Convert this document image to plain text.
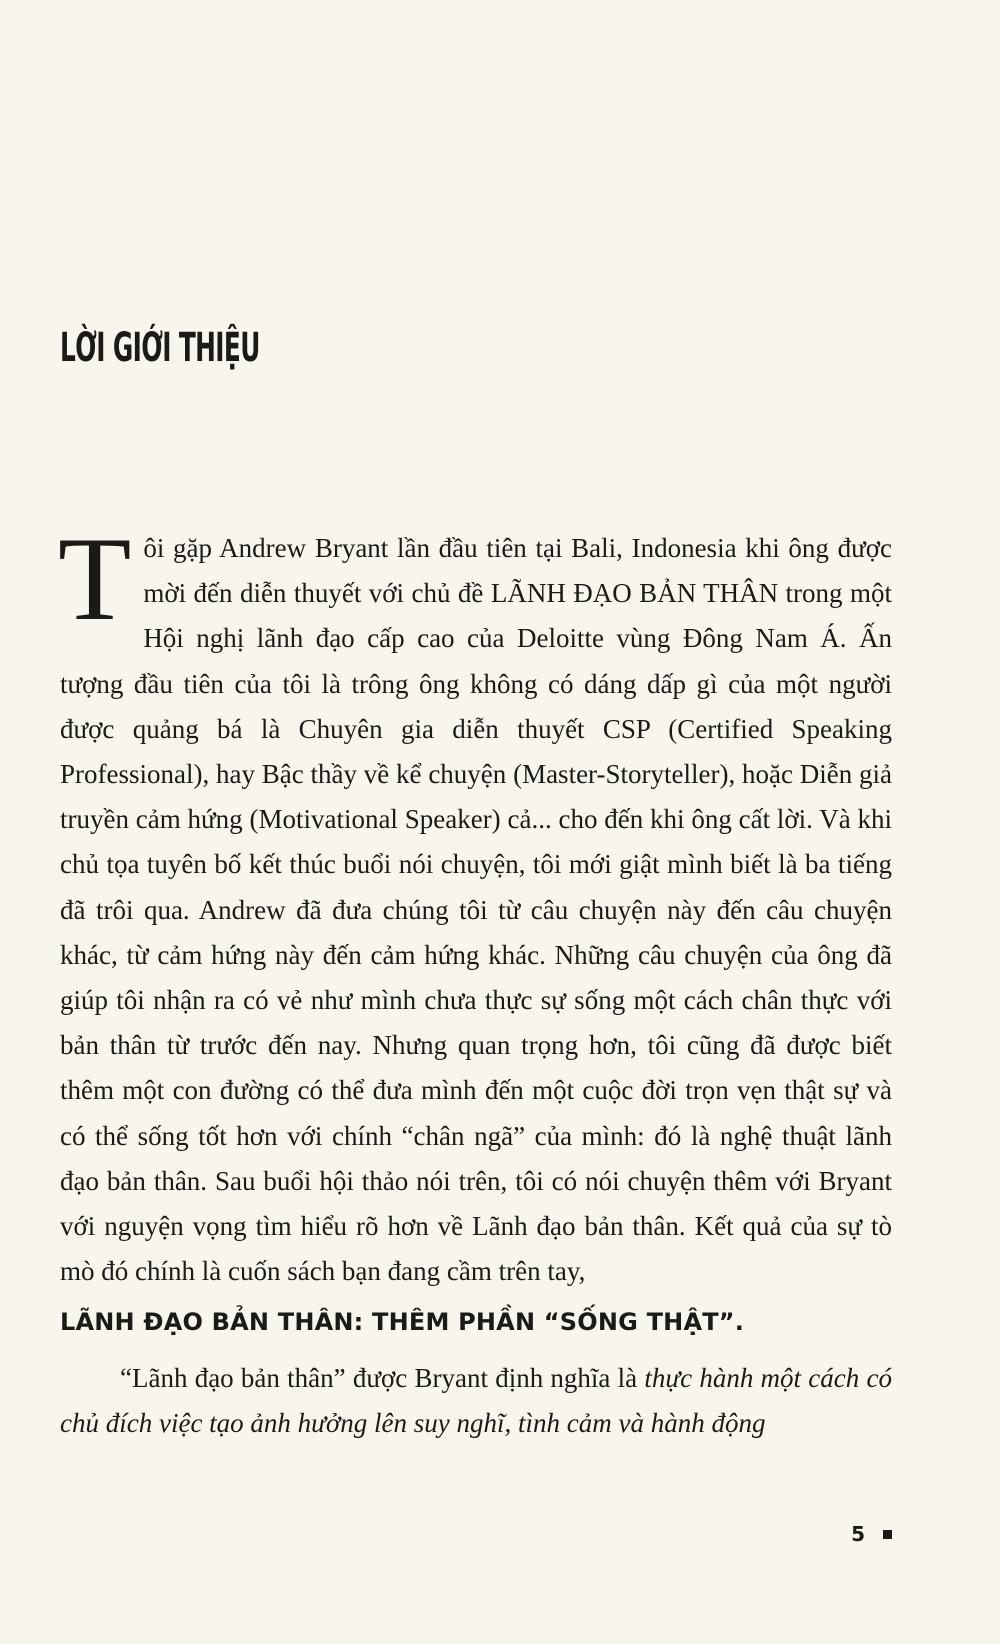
LỜI GIỚI THIỆU

Tôi gặp Andrew Bryant lần đầu tiên tại Bali, Indonesia khi ông được mời đến diễn thuyết với chủ đề LÃNH ĐẠO BẢN THÂN trong một Hội nghị lãnh đạo cấp cao của Deloitte vùng Đông Nam Á. Ấn tượng đầu tiên của tôi là trông ông không có dáng dấp gì của một người được quảng bá là Chuyên gia diễn thuyết CSP (Certified Speaking Professional), hay Bậc thầy về kể chuyện (Master-Storyteller), hoặc Diễn giả truyền cảm hứng (Motivational Speaker) cả... cho đến khi ông cất lời. Và khi chủ tọa tuyên bố kết thúc buổi nói chuyện, tôi mới giật mình biết là ba tiếng đã trôi qua. Andrew đã đưa chúng tôi từ câu chuyện này đến câu chuyện khác, từ cảm hứng này đến cảm hứng khác. Những câu chuyện của ông đã giúp tôi nhận ra có vẻ như mình chưa thực sự sống một cách chân thực với bản thân từ trước đến nay. Nhưng quan trọng hơn, tôi cũng đã được biết thêm một con đường có thể đưa mình đến một cuộc đời trọn vẹn thật sự và có thể sống tốt hơn với chính “chân ngã” của mình: đó là nghệ thuật lãnh đạo bản thân. Sau buổi hội thảo nói trên, tôi có nói chuyện thêm với Bryant với nguyện vọng tìm hiểu rõ hơn về Lãnh đạo bản thân. Kết quả của sự tò mò đó chính là cuốn sách bạn đang cầm trên tay,
LÃNH ĐẠO BẢN THÂN: THÊM PHẦN “SỐNG THẬT”.

“Lãnh đạo bản thân” được Bryant định nghĩa là thực hành một cách có chủ đích việc tạo ảnh hưởng lên suy nghĩ, tình cảm và hành động

5
